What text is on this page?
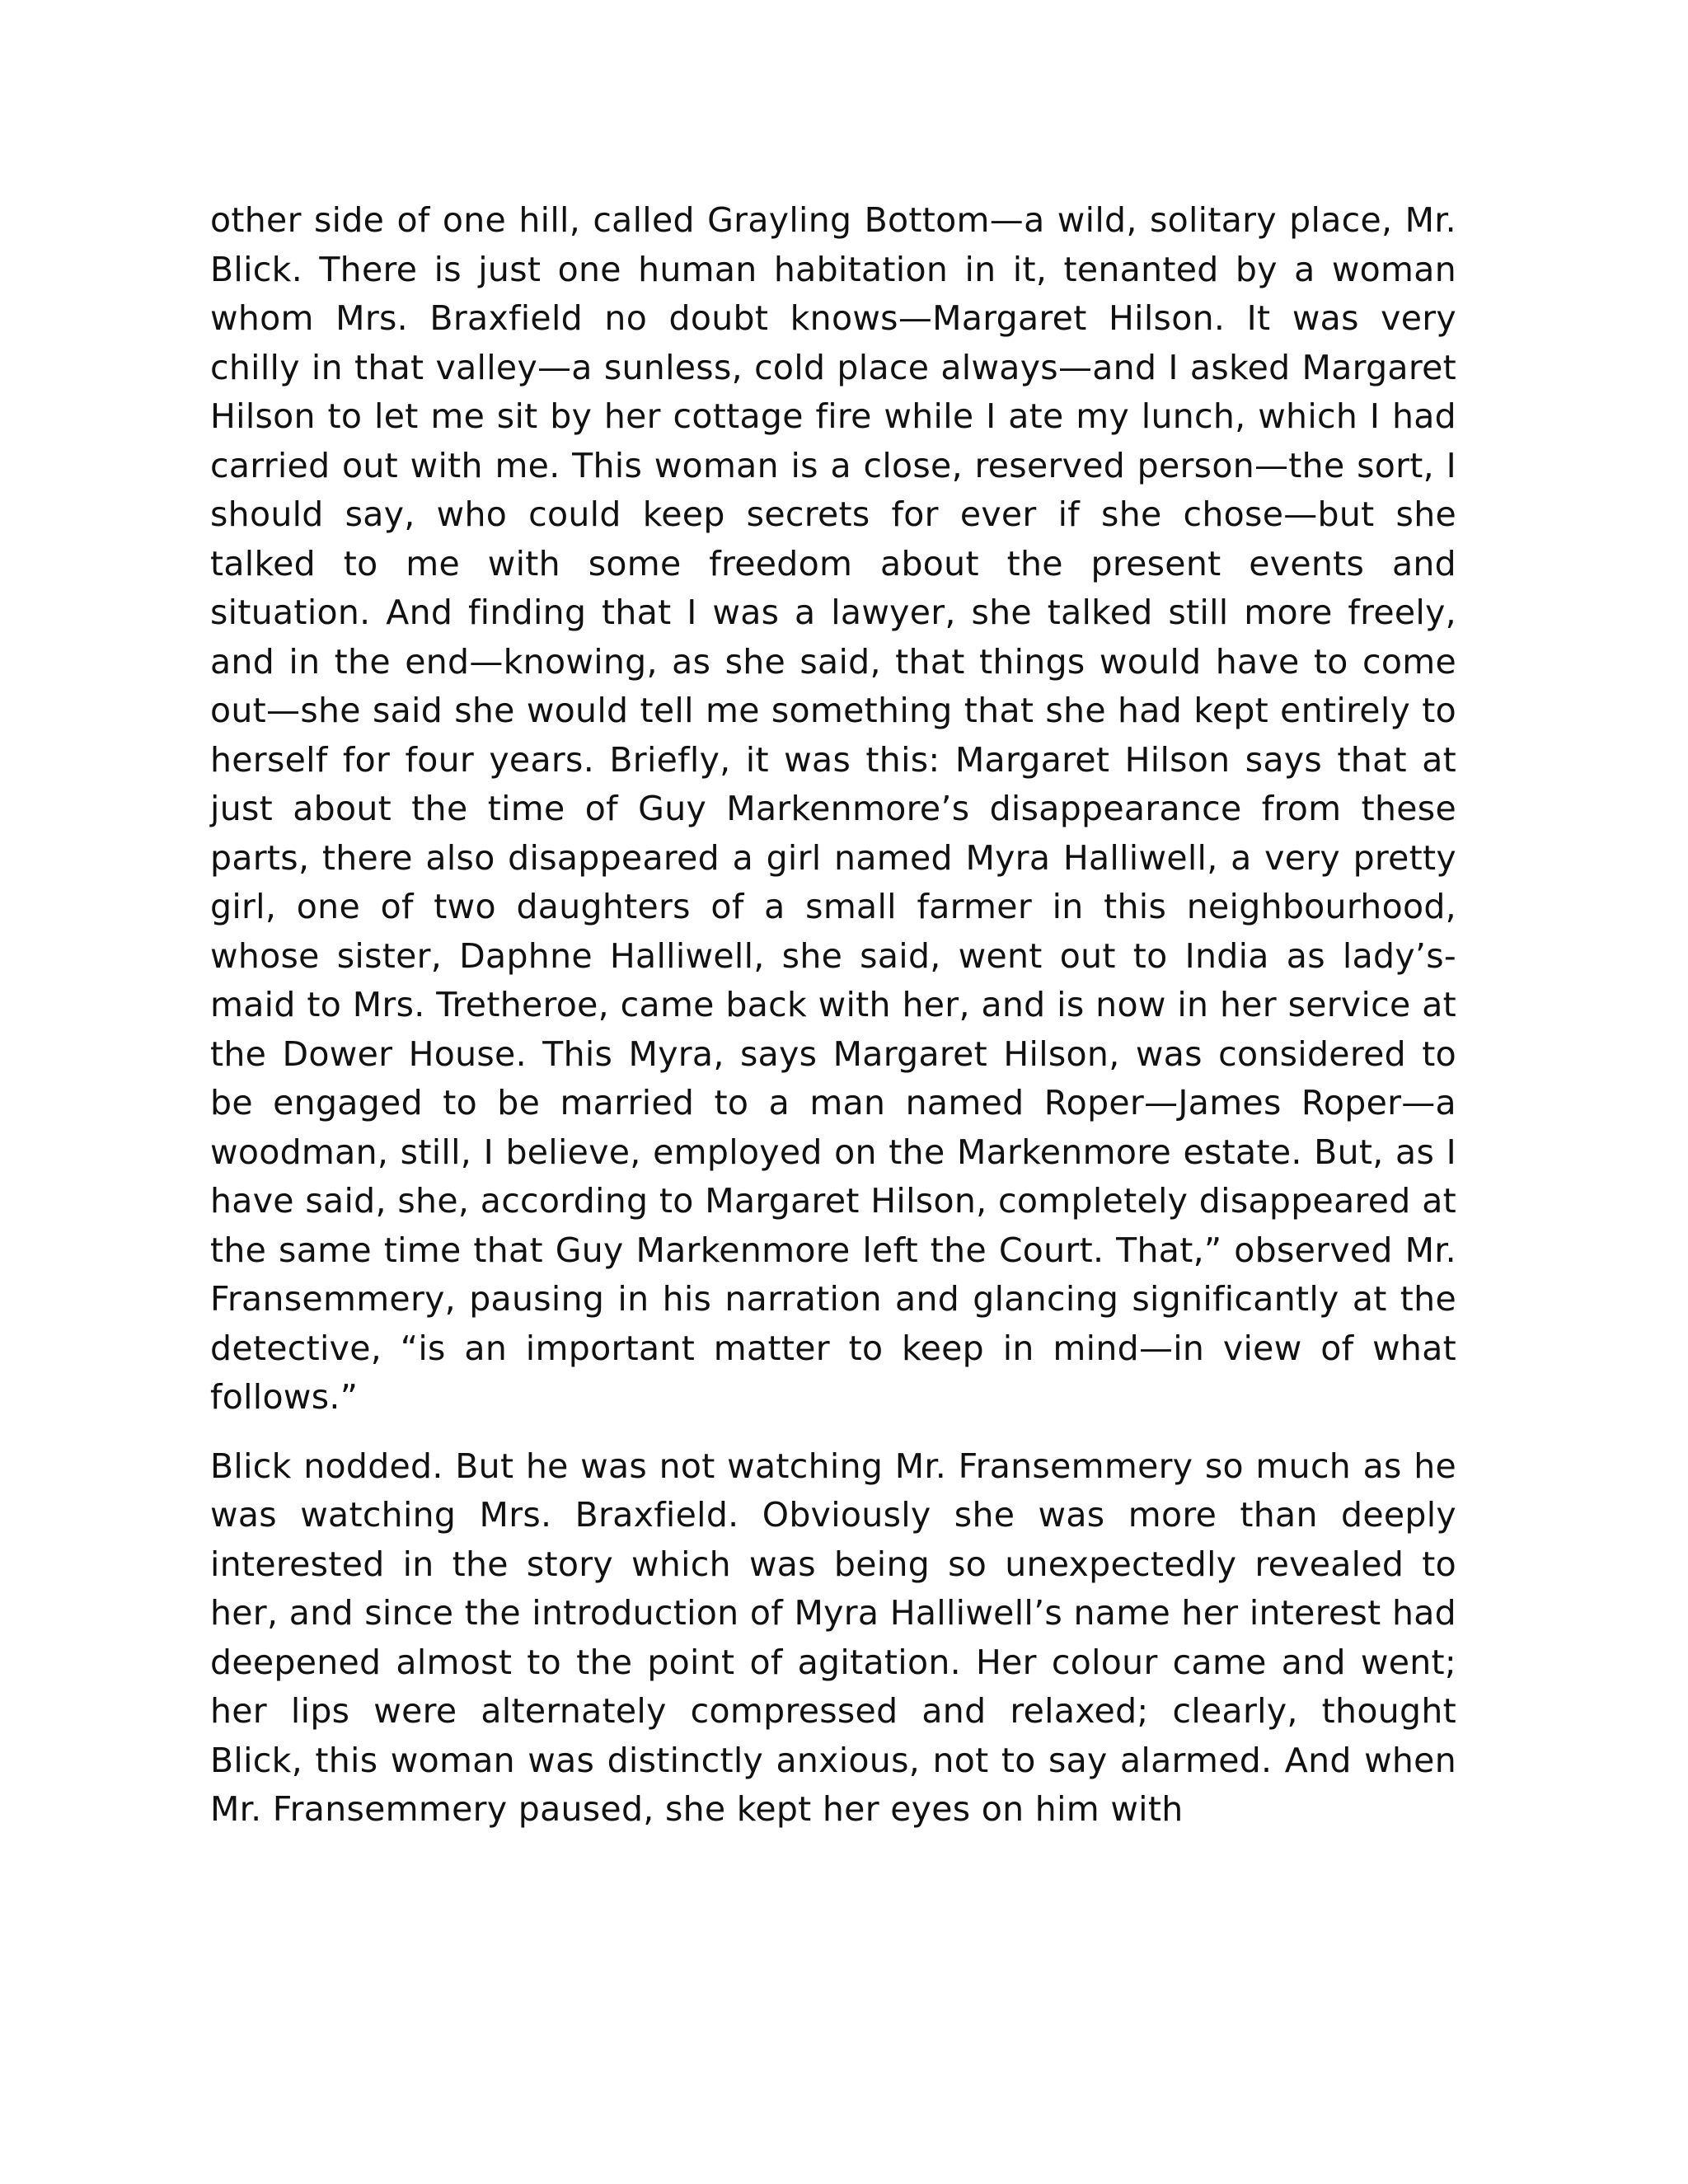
other side of one hill, called Grayling Bottom—a wild, solitary place, Mr. Blick. There is just one human habitation in it, tenanted by a woman whom Mrs. Braxfield no doubt knows—Margaret Hilson. It was very chilly in that valley—a sunless, cold place always—and I asked Margaret Hilson to let me sit by her cottage fire while I ate my lunch, which I had carried out with me. This woman is a close, reserved person—the sort, I should say, who could keep secrets for ever if she chose—but she talked to me with some freedom about the present events and situation. And finding that I was a lawyer, she talked still more freely, and in the end—knowing, as she said, that things would have to come out—she said she would tell me something that she had kept entirely to herself for four years. Briefly, it was this: Margaret Hilson says that at just about the time of Guy Markenmore’s disappearance from these parts, there also disappeared a girl named Myra Halliwell, a very pretty girl, one of two daughters of a small farmer in this neighbourhood, whose sister, Daphne Halliwell, she said, went out to India as lady’s-maid to Mrs. Tretheroe, came back with her, and is now in her service at the Dower House. This Myra, says Margaret Hilson, was considered to be engaged to be married to a man named Roper—James Roper—a woodman, still, I believe, employed on the Markenmore estate. But, as I have said, she, according to Margaret Hilson, completely disappeared at the same time that Guy Markenmore left the Court. That,” observed Mr. Fransemmery, pausing in his narration and glancing significantly at the detective, “is an important matter to keep in mind—in view of what follows.”

Blick nodded. But he was not watching Mr. Fransemmery so much as he was watching Mrs. Braxfield. Obviously she was more than deeply interested in the story which was being so unexpectedly revealed to her, and since the introduction of Myra Halliwell’s name her interest had deepened almost to the point of agitation. Her colour came and went; her lips were alternately compressed and relaxed; clearly, thought Blick, this woman was distinctly anxious, not to say alarmed. And when Mr. Fransemmery paused, she kept her eyes on him with
